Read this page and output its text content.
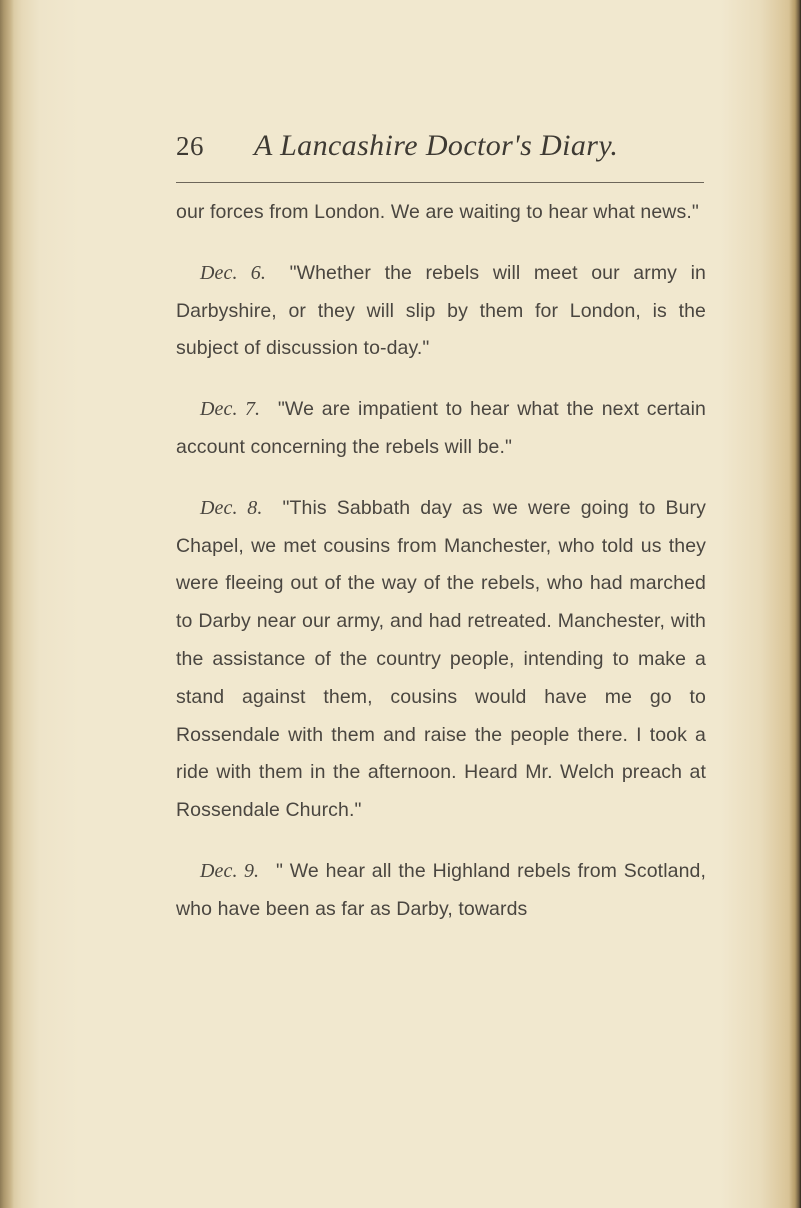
26 A Lancashire Doctor's Diary.

our forces from London. We are waiting to hear what news."

Dec. 6. "Whether the rebels will meet our army in Darbyshire, or they will slip by them for London, is the subject of discussion to-day."

Dec. 7. "We are impatient to hear what the next certain account concerning the rebels will be."

Dec. 8. "This Sabbath day as we were going to Bury Chapel, we met cousins from Manchester, who told us they were fleeing out of the way of the rebels, who had marched to Darby near our army, and had retreated. Manchester, with the assistance of the country people, intending to make a stand against them, cousins would have me go to Rossendale with them and raise the people there. I took a ride with them in the afternoon. Heard Mr. Welch preach at Rossendale Church."

Dec. 9. " We hear all the Highland rebels from Scotland, who have been as far as Darby, towards
